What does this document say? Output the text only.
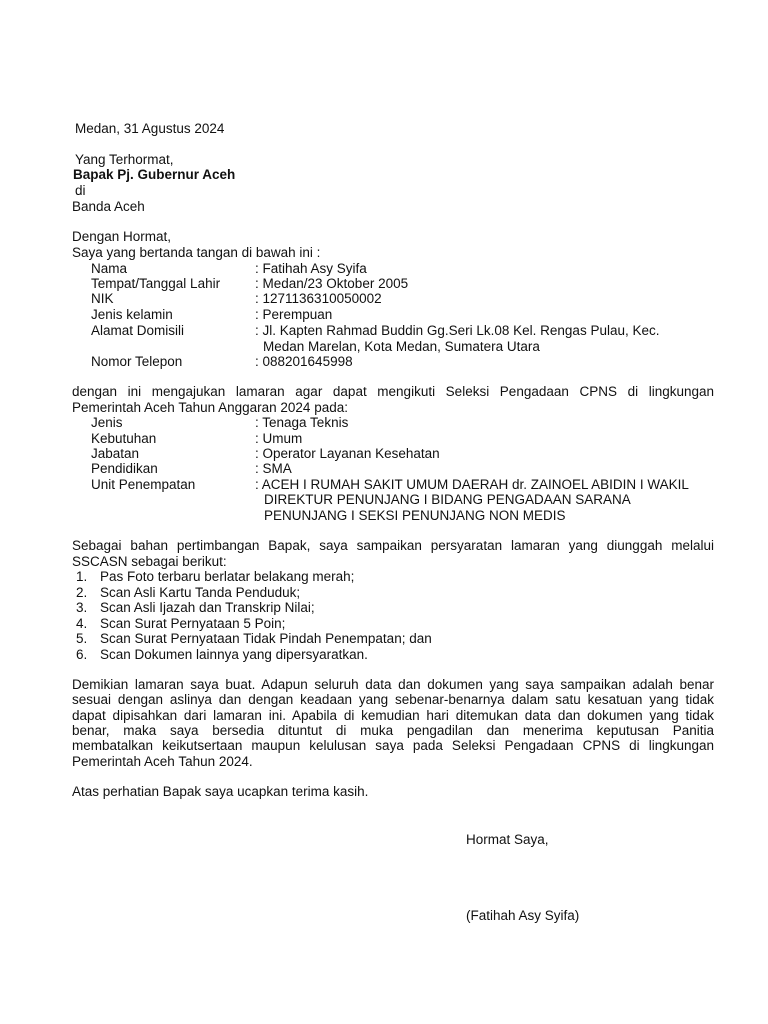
Medan, 31 Agustus 2024
Yang Terhormat,
Bapak Pj. Gubernur Aceh
di
Banda Aceh
Dengan Hormat,
Saya yang bertanda tangan di bawah ini :
Nama	: Fatihah Asy Syifa
Tempat/Tanggal Lahir	: Medan/23 Oktober 2005
NIK	: 1271136310050002
Jenis kelamin	: Perempuan
Alamat Domisili	: Jl. Kapten Rahmad Buddin Gg.Seri Lk.08 Kel. Rengas Pulau, Kec.
Medan Marelan, Kota Medan, Sumatera Utara
Nomor Telepon	: 088201645998
dengan ini mengajukan lamaran agar dapat mengikuti Seleksi Pengadaan CPNS di lingkungan
Pemerintah Aceh Tahun Anggaran 2024 pada:
Jenis	: Tenaga Teknis
Kebutuhan	: Umum
Jabatan	: Operator Layanan Kesehatan
Pendidikan	: SMA
Unit Penempatan	: ACEH I RUMAH SAKIT UMUM DAERAH dr. ZAINOEL ABIDIN I WAKIL
DIREKTUR PENUNJANG I BIDANG PENGADAAN SARANA
PENUNJANG I SEKSI PENUNJANG NON MEDIS
Sebagai bahan pertimbangan Bapak, saya sampaikan persyaratan lamaran yang diunggah melalui
SSCASN sebagai berikut:
1. Pas Foto terbaru berlatar belakang merah;
2. Scan Asli Kartu Tanda Penduduk;
3. Scan Asli Ijazah dan Transkrip Nilai;
4. Scan Surat Pernyataan 5 Poin;
5. Scan Surat Pernyataan Tidak Pindah Penempatan; dan
6. Scan Dokumen lainnya yang dipersyaratkan.
Demikian lamaran saya buat. Adapun seluruh data dan dokumen yang saya sampaikan adalah benar
sesuai dengan aslinya dan dengan keadaan yang sebenar-benarnya dalam satu kesatuan yang tidak
dapat dipisahkan dari lamaran ini. Apabila di kemudian hari ditemukan data dan dokumen yang tidak
benar, maka saya bersedia dituntut di muka pengadilan dan menerima keputusan Panitia
membatalkan keikutsertaan maupun kelulusan saya pada Seleksi Pengadaan CPNS di lingkungan
Pemerintah Aceh Tahun 2024.
Atas perhatian Bapak saya ucapkan terima kasih.
Hormat Saya,
(Fatihah Asy Syifa)
